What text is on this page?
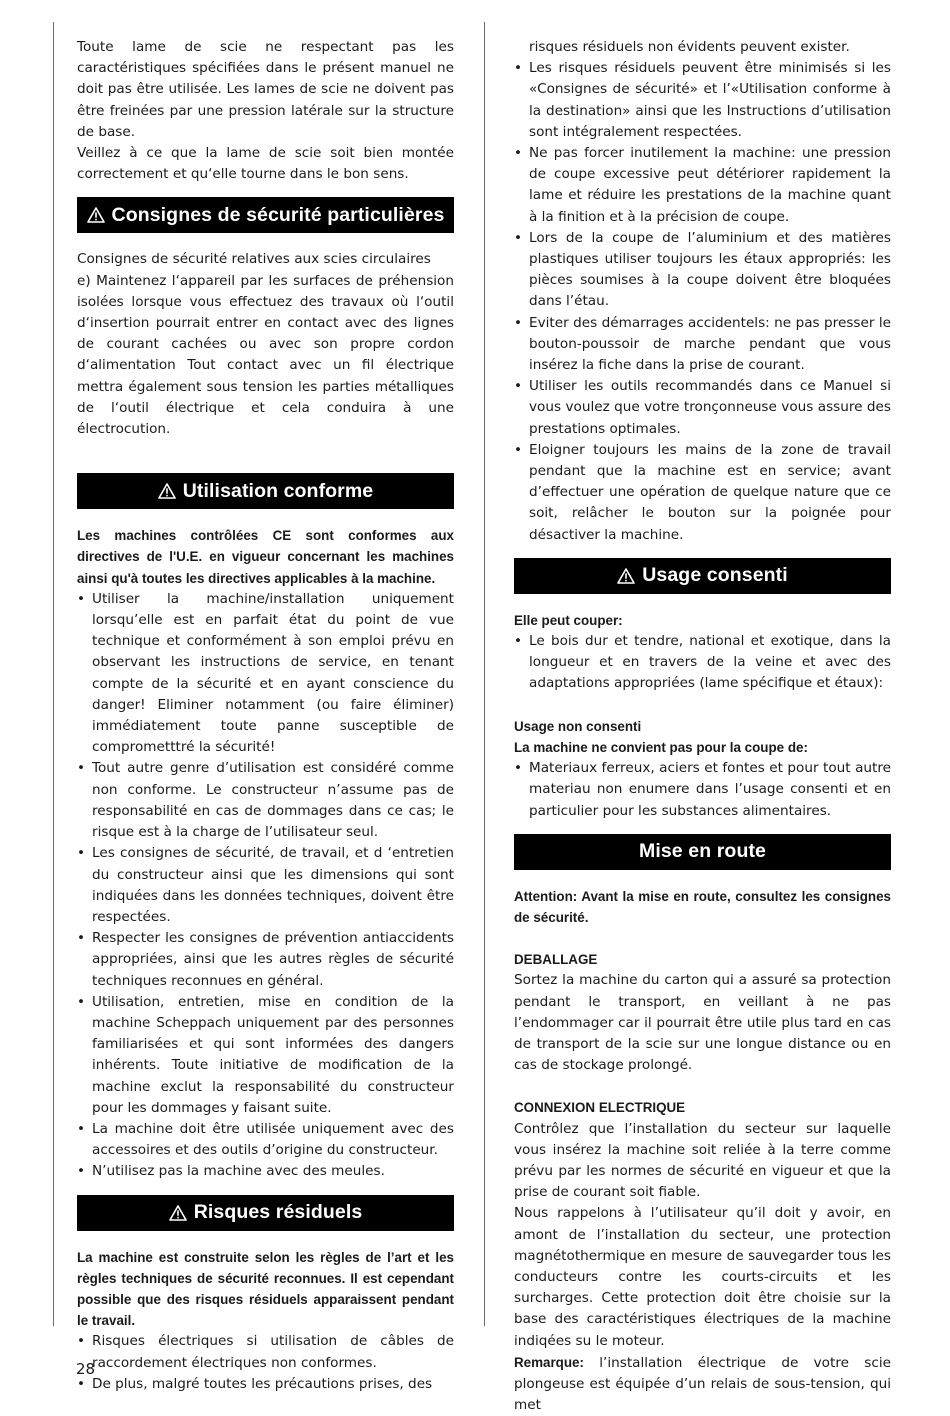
Toute lame de scie ne respectant pas les caractéristiques spécifiées dans le présent manuel ne doit pas être utilisée. Les lames de scie ne doivent pas être freinées par une pression latérale sur la structure de base.

Veillez à ce que la lame de scie soit bien montée correctement et qu‘elle tourne dans le bon sens.

Consignes de sécurité particulières

Consignes de sécurité relatives aux scies circulaires

e) Maintenez l‘appareil par les surfaces de préhension isolées lorsque vous effectuez des travaux où l‘outil d‘insertion pourrait entrer en contact avec des lignes de courant cachées ou avec son propre cordon d‘alimentation Tout contact avec un fil électrique mettra également sous tension les parties métalliques de l‘outil électrique et cela conduira à une électrocution.

Utilisation conforme

Les machines contrôlées CE sont conformes aux directives de l'U.E. en vigueur concernant les machines ainsi qu'à toutes les directives applicables à la machine.

• Utiliser la machine/installation uniquement lorsqu’elle est en parfait état du point de vue technique et conformément à son emploi prévu en observant les instructions de service, en tenant compte de la sécurité et en ayant conscience du danger! Eliminer notamment (ou faire éliminer) immédiatement toute panne susceptible de comprometttré la sécurité!
• Tout autre genre d’utilisation est considéré comme non conforme. Le constructeur n’assume pas de responsabilité en cas de dommages dans ce cas; le risque est à la charge de l’utilisateur seul.
• Les consignes de sécurité, de travail, et d ‘entretien du constructeur ainsi que les dimensions qui sont indiquées dans les données techniques, doivent être respectées.
• Respecter les consignes de prévention antiaccidents appropriées, ainsi que les autres règles de sécurité techniques reconnues en général.
• Utilisation, entretien, mise en condition de la machine Scheppach uniquement par des personnes familiarisées et qui sont informées des dangers inhérents. Toute initiative de modification de la machine exclut la responsabilité du constructeur pour les dommages y faisant suite.
• La machine doit être utilisée uniquement avec des accessoires et des outils d’origine du constructeur.
• N’utilisez pas la machine avec des meules.
Risques résiduels

La machine est construite selon les règles de l’art et les règles techniques de sécurité reconnues. Il est cependant possible que des risques résiduels apparaissent pendant le travail.

• Risques électriques si utilisation de câbles de raccordement électriques non conformes.
• De plus, malgré toutes les précautions prises, des

risques résiduels non évidents peuvent exister.

• Les risques résiduels peuvent être minimisés si les «Consignes de sécurité» et l’«Utilisation conforme à la destination» ainsi que les Instructions d’utilisation sont intégralement respectées.
• Ne pas forcer inutilement la machine: une pression de coupe excessive peut détériorer rapidement la lame et réduire les prestations de la machine quant à la finition et à la précision de coupe.
• Lors de la coupe de l’aluminium et des matières plastiques utiliser toujours les étaux appropriés: les pièces soumises à la coupe doivent être bloquées dans l’étau.
• Eviter des démarrages accidentels: ne pas presser le bouton-poussoir de marche pendant que vous insérez la fiche dans la prise de courant.
• Utiliser les outils recommandés dans ce Manuel si vous voulez que votre tronçonneuse vous assure des prestations optimales.
• Eloigner toujours les mains de la zone de travail pendant que la machine est en service; avant d’effectuer une opération de quelque nature que ce soit, relâcher le bouton sur la poignée pour désactiver la machine.
Usage consenti

Elle peut couper:

• Le bois dur et tendre, national et exotique, dans la longueur et en travers de la veine et avec des adaptations appropriées (lame spécifique et étaux):

Usage non consenti

La machine ne convient pas pour la coupe de:

• Materiaux ferreux, aciers et fontes et pour tout autre materiau non enumere dans l’usage consenti et en particulier pour les substances alimentaires.
Mise en route

Attention: Avant la mise en route, consultez les consignes de sécurité.

DEBALLAGE

Sortez la machine du carton qui a assuré sa protection pendant le transport, en veillant à ne pas l’endommager car il pourrait être utile plus tard en cas de transport de la scie sur une longue distance ou en cas de stockage prolongé.

CONNEXION ELECTRIQUE

Contrôlez que l’installation du secteur sur laquelle vous insérez la machine soit reliée à la terre comme prévu par les normes de sécurité en vigueur et que la prise de courant soit fiable.

Nous rappelons à l’utilisateur qu’il doit y avoir, en amont de l’installation du secteur, une protection magnétothermique en mesure de sauvegarder tous les conducteurs contre les courts-circuits et les surcharges. Cette protection doit être choisie sur la base des caractéristiques électriques de la machine indiqées su le moteur.

Remarque: l’installation électrique de votre scie plongeuse est équipée d’un relais de sous-tension, qui met

28
